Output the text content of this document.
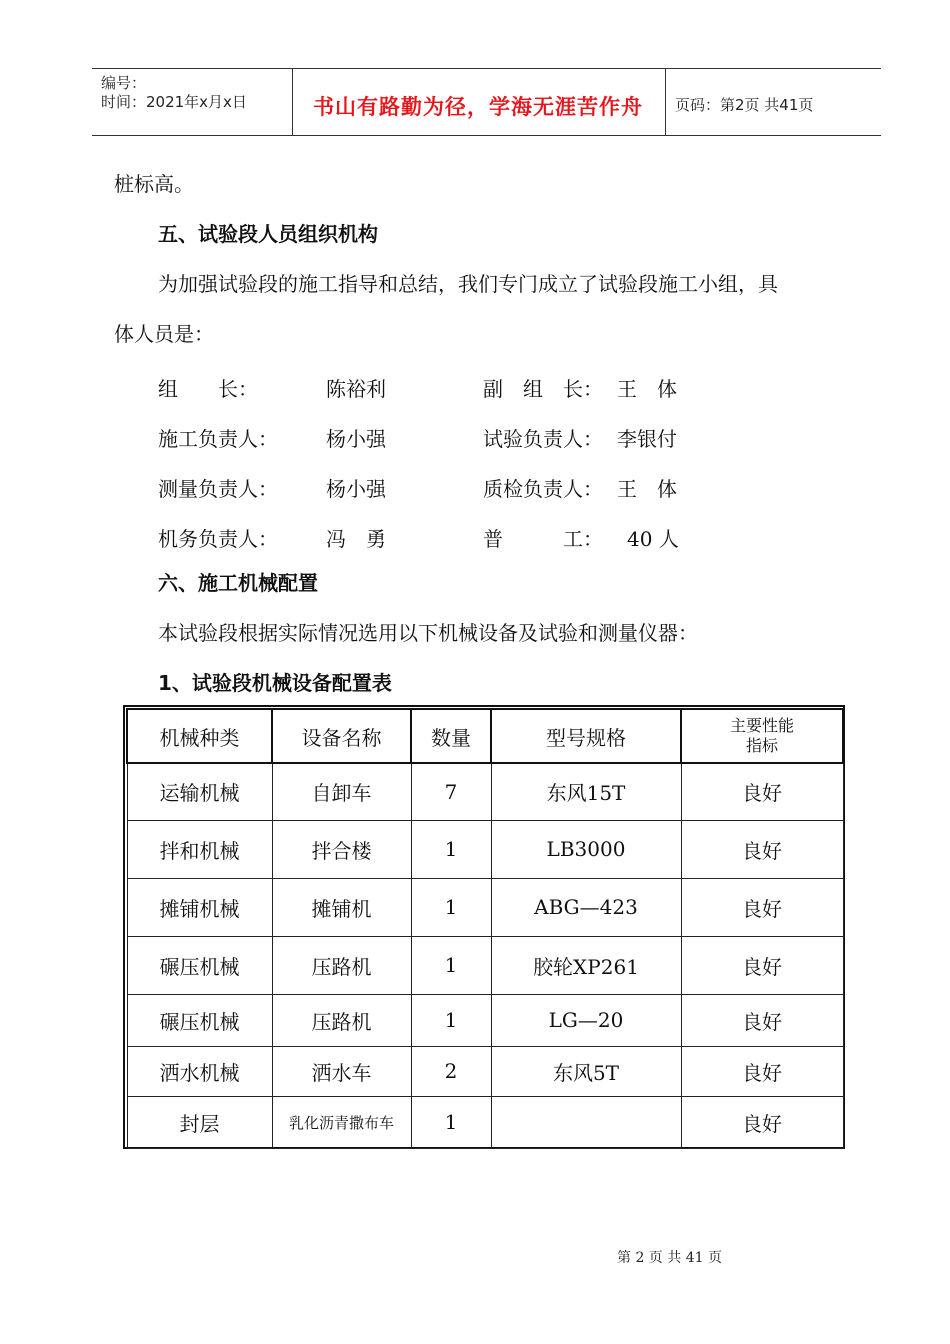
编号：
时间：2021年x月x日	书山有路勤为径，学海无涯苦作舟 页码：第2页 共41页
桩标高。
五、试验段人员组织机构
为加强试验段的施工指导和总结，我们专门成立了试验段施工小组，具
体人员是：
组　　长：	陈裕利	副　组　长： 王　体
施工负责人： 杨小强	试验负责人： 李银付
测量负责人： 杨小强	质检负责人： 王　体
机务负责人： 冯　勇	普　　　工： 40 人
六、施工机械配置
本试验段根据实际情况选用以下机械设备及试验和测量仪器：
1、试验段机械设备配置表
机械种类	设备名称	数量	型号规格	主要性能
指标
运输机械	自卸车	7	东风15T	良好
拌和机械	拌合楼	1	LB3000	良好
摊铺机械	摊铺机	1	ABG—423	良好
碾压机械	压路机	1	胶轮XP261	良好
碾压机械	压路机	1	LG—20	良好
洒水机械	洒水车	2	东风5T	良好
封层	乳化沥青撒布车	1		良好
第 2 页 共 41 页
